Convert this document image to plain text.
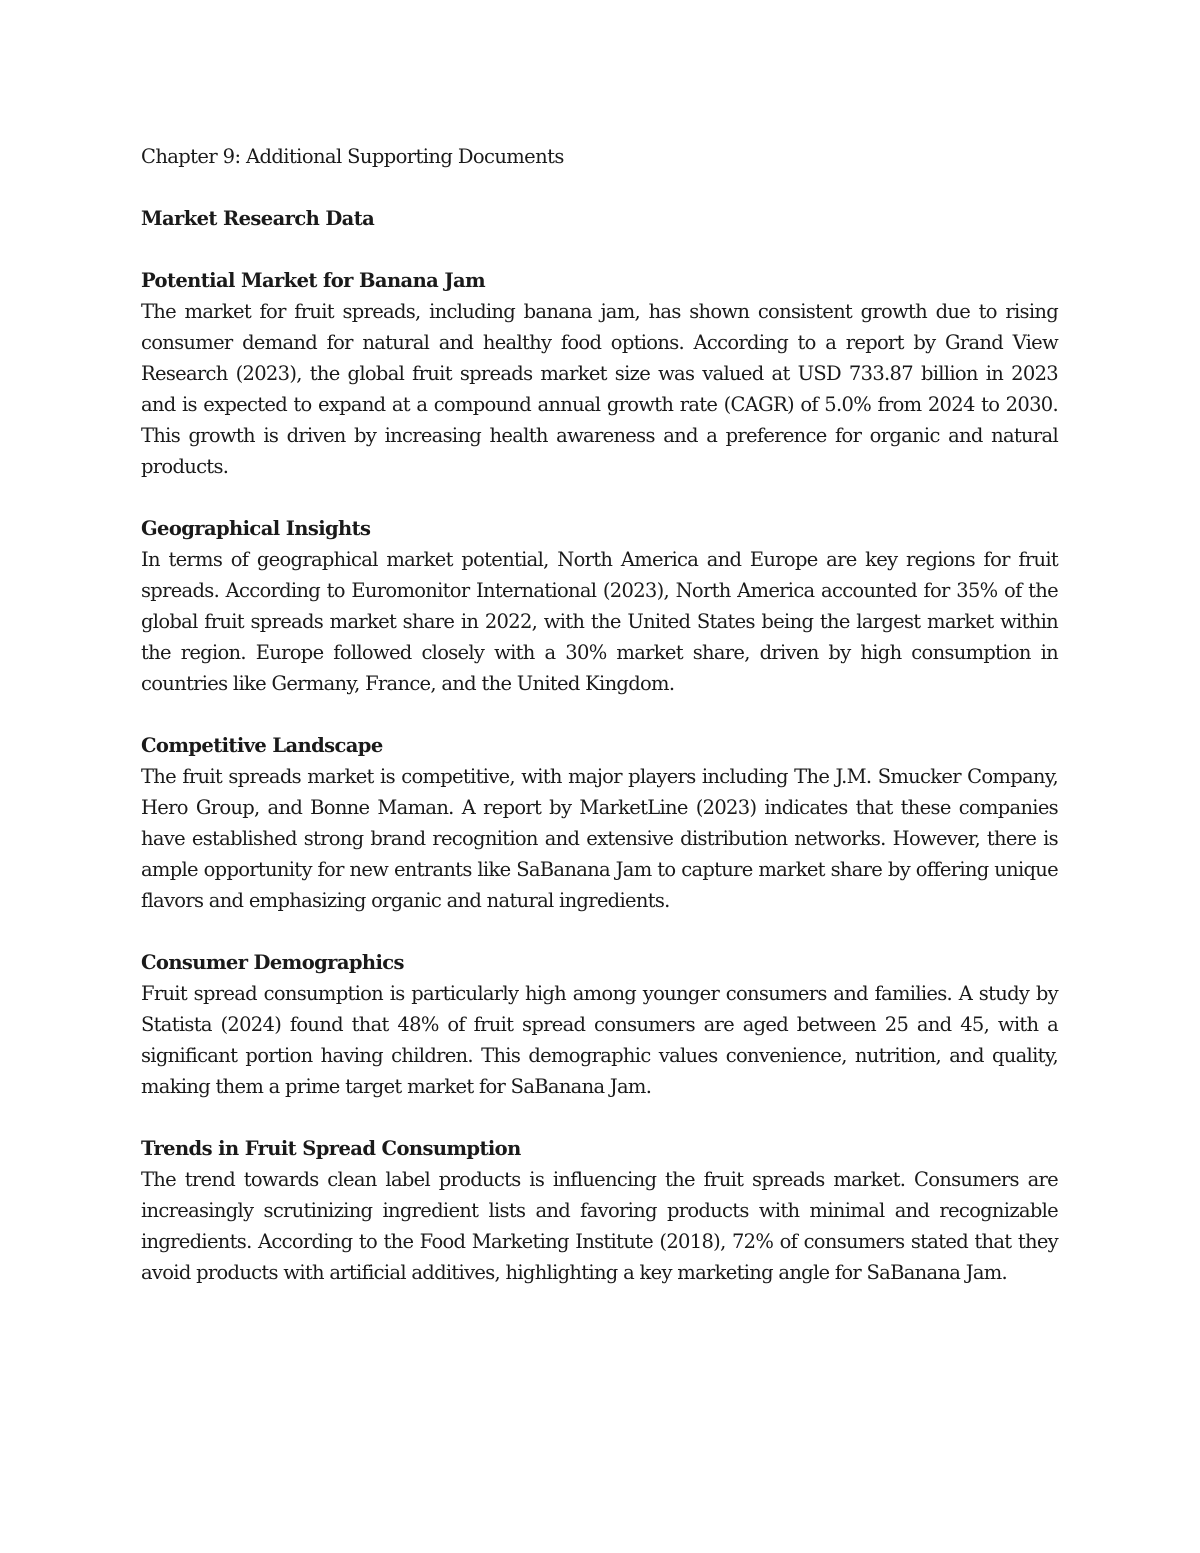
Chapter 9: Additional Supporting Documents
Market Research Data
Potential Market for Banana Jam

The market for fruit spreads, including banana jam, has shown consistent growth due to rising consumer demand for natural and healthy food options. According to a report by Grand View Research (2023), the global fruit spreads market size was valued at USD 733.87 billion in 2023 and is expected to expand at a compound annual growth rate (CAGR) of 5.0% from 2024 to 2030. This growth is driven by increasing health awareness and a preference for organic and natural products.

Geographical Insights

In terms of geographical market potential, North America and Europe are key regions for fruit spreads. According to Euromonitor International (2023), North America accounted for 35% of the global fruit spreads market share in 2022, with the United States being the largest market within the region. Europe followed closely with a 30% market share, driven by high consumption in countries like Germany, France, and the United Kingdom.

Competitive Landscape

The fruit spreads market is competitive, with major players including The J.M. Smucker Company, Hero Group, and Bonne Maman. A report by MarketLine (2023) indicates that these companies have established strong brand recognition and extensive distribution networks. However, there is ample opportunity for new entrants like SaBanana Jam to capture market share by offering unique flavors and emphasizing organic and natural ingredients.

Consumer Demographics

Fruit spread consumption is particularly high among younger consumers and families. A study by Statista (2024) found that 48% of fruit spread consumers are aged between 25 and 45, with a significant portion having children. This demographic values convenience, nutrition, and quality, making them a prime target market for SaBanana Jam.

Trends in Fruit Spread Consumption

The trend towards clean label products is influencing the fruit spreads market. Consumers are increasingly scrutinizing ingredient lists and favoring products with minimal and recognizable ingredients. According to the Food Marketing Institute (2018), 72% of consumers stated that they avoid products with artificial additives, highlighting a key marketing angle for SaBanana Jam.
